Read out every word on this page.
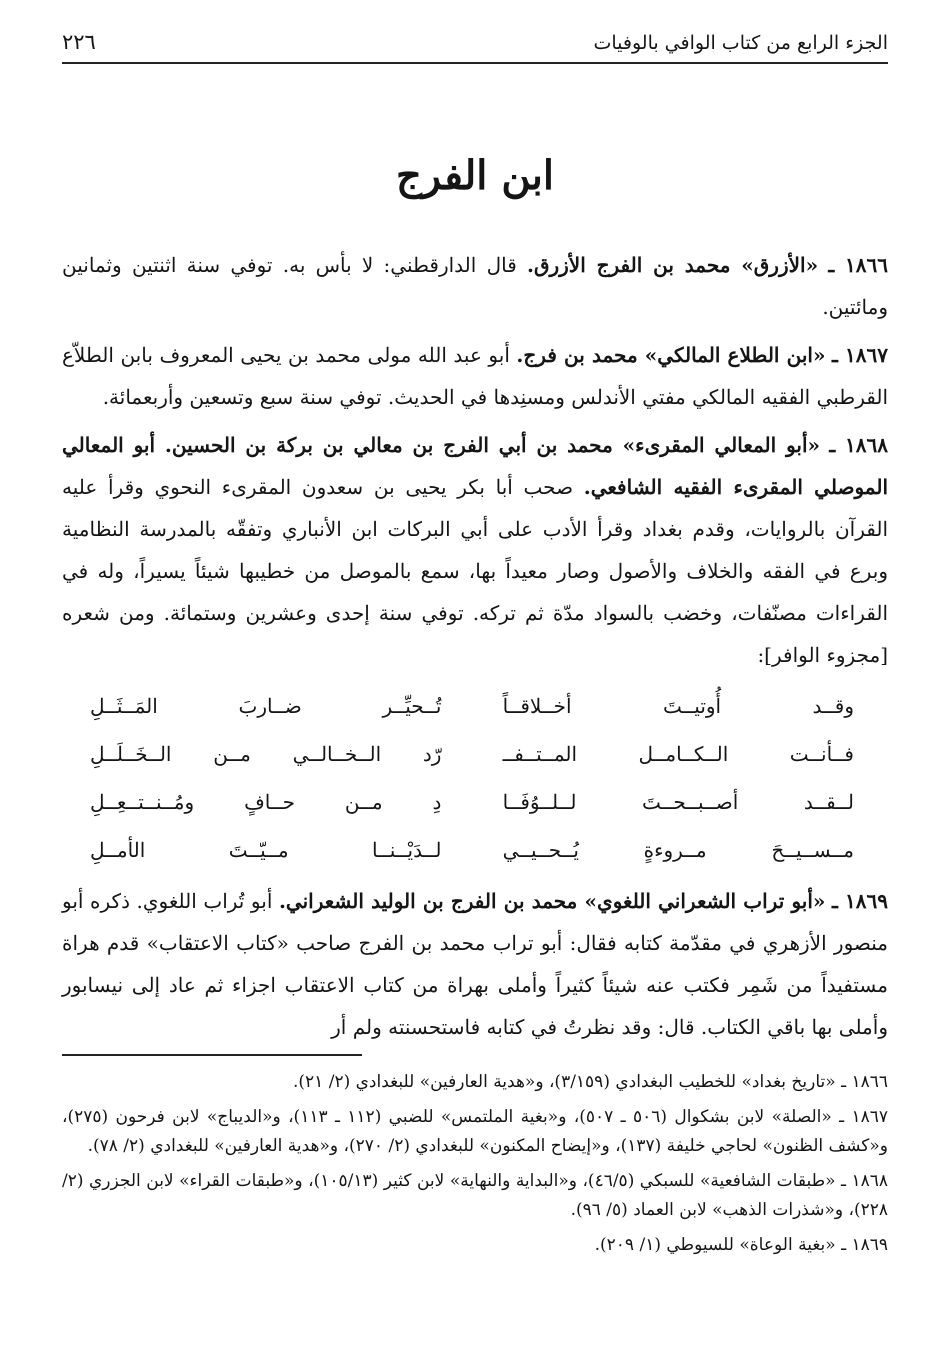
الجزء الرابع من كتاب الوافي بالوفيات
٢٢٦
ابن الفرج

١٨٦٦ ـ «الأزرق» محمد بن الفرج الأزرق. قال الدارقطني: لا بأس به. توفي سنة اثنتين وثمانين ومائتين.

١٨٦٧ ـ «ابن الطلاع المالكي» محمد بن فرج. أبو عبد الله مولى محمد بن يحيى المعروف بابن الطلاّع القرطبي الفقيه المالكي مفتي الأندلس ومسنِدها في الحديث. توفي سنة سبع وتسعين وأربعمائة.

١٨٦٨ ـ «أبو المعالي المقرىء» محمد بن أبي الفرج بن معالي بن بركة بن الحسين. أبو المعالي الموصلي المقرىء الفقيه الشافعي. صحب أبا بكر يحيى بن سعدون المقرىء النحوي وقرأ عليه القرآن بالروايات، وقدم بغداد وقرأ الأدب على أبي البركات ابن الأنباري وتفقّه بالمدرسة النظامية وبرع في الفقه والخلاف والأصول وصار معيداً بها، سمع بالموصل من خطيبها شيئاً يسيراً، وله في القراءات مصنّفات، وخضب بالسواد مدّة ثم تركه. توفي سنة إحدى وعشرين وستمائة. ومن شعره [مجزوء الوافر]:

وقــد أُوتيــتَ أخــلاقــاً
تُــحيِّــر ضــاربَ المَــثَــلِ
فــأنــت الــكــامــل المــتــفــ
رّد الــخــالــي مــن الــخَــلَــلِ
لــقــد أصــبــحــتَ لــلــوُفَــا
دِ مــن حــافٍ ومُــنــتــعِــلِ
مــســيــحَ مــروءةٍ يُــحــيــي
لــدَيْــنــا مــيّــتَ الأمــلِ

١٨٦٩ ـ «أبو تراب الشعراني اللغوي» محمد بن الفرج بن الوليد الشعراني. أبو تُراب اللغوي. ذكره أبو منصور الأزهري في مقدّمة كتابه فقال: أبو تراب محمد بن الفرج صاحب «كتاب الاعتقاب» قدم هراة مستفيداً من شَمِر فكتب عنه شيئاً كثيراً وأملى بهراة من كتاب الاعتقاب اجزاء ثم عاد إلى نيسابور وأملى بها باقي الكتاب. قال: وقد نظرتُ في كتابه فاستحسنته ولم أر

١٨٦٦ ـ «تاريخ بغداد» للخطيب البغدادي (٣/١٥٩)، و«هدية العارفين» للبغدادي (٢/ ٢١).

١٨٦٧ ـ «الصلة» لابن بشكوال (٥٠٦ ـ ٥٠٧)، و«بغية الملتمس» للضبي (١١٢ ـ ١١٣)، و«الديباج» لابن فرحون (٢٧٥)، و«كشف الظنون» لحاجي خليفة (١٣٧)، و«إيضاح المكنون» للبغدادي (٢/ ٢٧٠)، و«هدية العارفين» للبغدادي (٢/ ٧٨).

١٨٦٨ ـ «طبقات الشافعية» للسبكي (٤٦/٥)، و«البداية والنهاية» لابن كثير (١٠٥/١٣)، و«طبقات القراء» لابن الجزري (٢/ ٢٢٨)، و«شذرات الذهب» لابن العماد (٥/ ٩٦).

١٨٦٩ ـ «بغية الوعاة» للسيوطي (١/ ٢٠٩).
